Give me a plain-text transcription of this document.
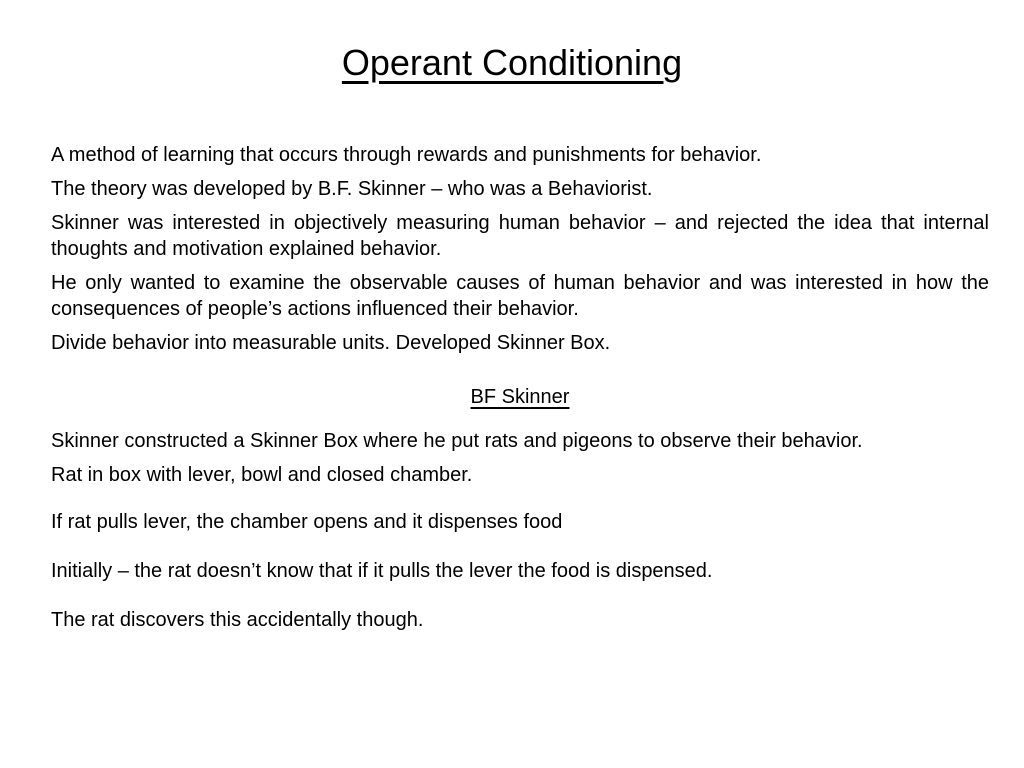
Operant Conditioning

A method of learning that occurs through rewards and punishments for behavior.

The theory was developed by B.F. Skinner – who was a Behaviorist.

Skinner was interested in objectively measuring human behavior – and rejected the idea that internal thoughts and motivation explained behavior.

He only wanted to examine the observable causes of human behavior and was interested in how the consequences of people’s actions influenced their behavior.

Divide behavior into measurable units. Developed Skinner Box.

BF Skinner

Skinner constructed a Skinner Box where he put rats and pigeons to observe their behavior.

Rat in box with lever, bowl and closed chamber.

If rat pulls lever, the chamber opens and it dispenses food

Initially – the rat doesn’t know that if it pulls the lever the food is dispensed.

The rat discovers this accidentally though.
